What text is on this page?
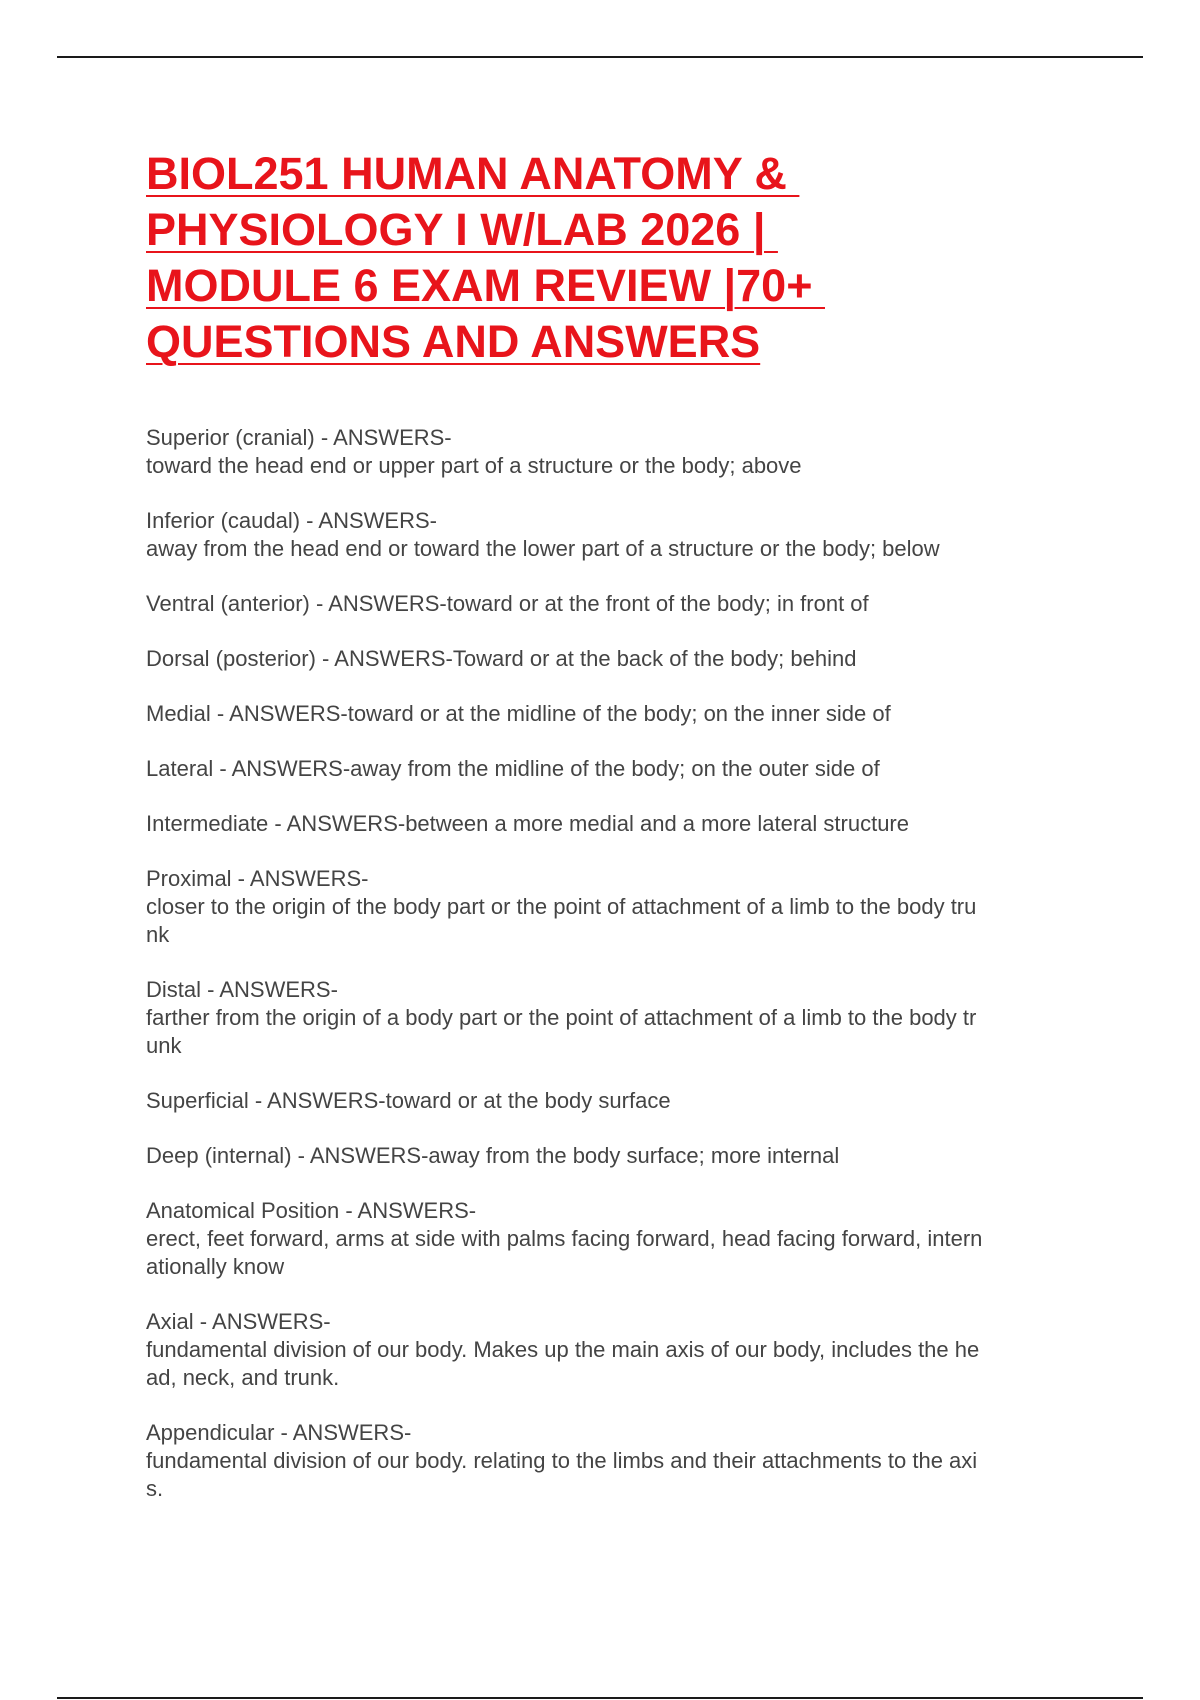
BIOL251 HUMAN ANATOMY &
PHYSIOLOGY I W/LAB 2026 |
MODULE 6 EXAM REVIEW |70+
QUESTIONS AND ANSWERS
Superior (cranial) - ANSWERS-
toward the head end or upper part of a structure or the body; above
Inferior (caudal) - ANSWERS-
away from the head end or toward the lower part of a structure or the body; below
Ventral (anterior) - ANSWERS-toward or at the front of the body; in front of
Dorsal (posterior) - ANSWERS-Toward or at the back of the body; behind
Medial - ANSWERS-toward or at the midline of the body; on the inner side of
Lateral - ANSWERS-away from the midline of the body; on the outer side of
Intermediate - ANSWERS-between a more medial and a more lateral structure
Proximal - ANSWERS-
closer to the origin of the body part or the point of attachment of a limb to the body tru
nk
Distal - ANSWERS-
farther from the origin of a body part or the point of attachment of a limb to the body tr
unk
Superficial - ANSWERS-toward or at the body surface
Deep (internal) - ANSWERS-away from the body surface; more internal
Anatomical Position - ANSWERS-
erect, feet forward, arms at side with palms facing forward, head facing forward, intern
ationally know
Axial - ANSWERS-
fundamental division of our body. Makes up the main axis of our body, includes the he
ad, neck, and trunk.
Appendicular - ANSWERS-
fundamental division of our body. relating to the limbs and their attachments to the axi
s.
